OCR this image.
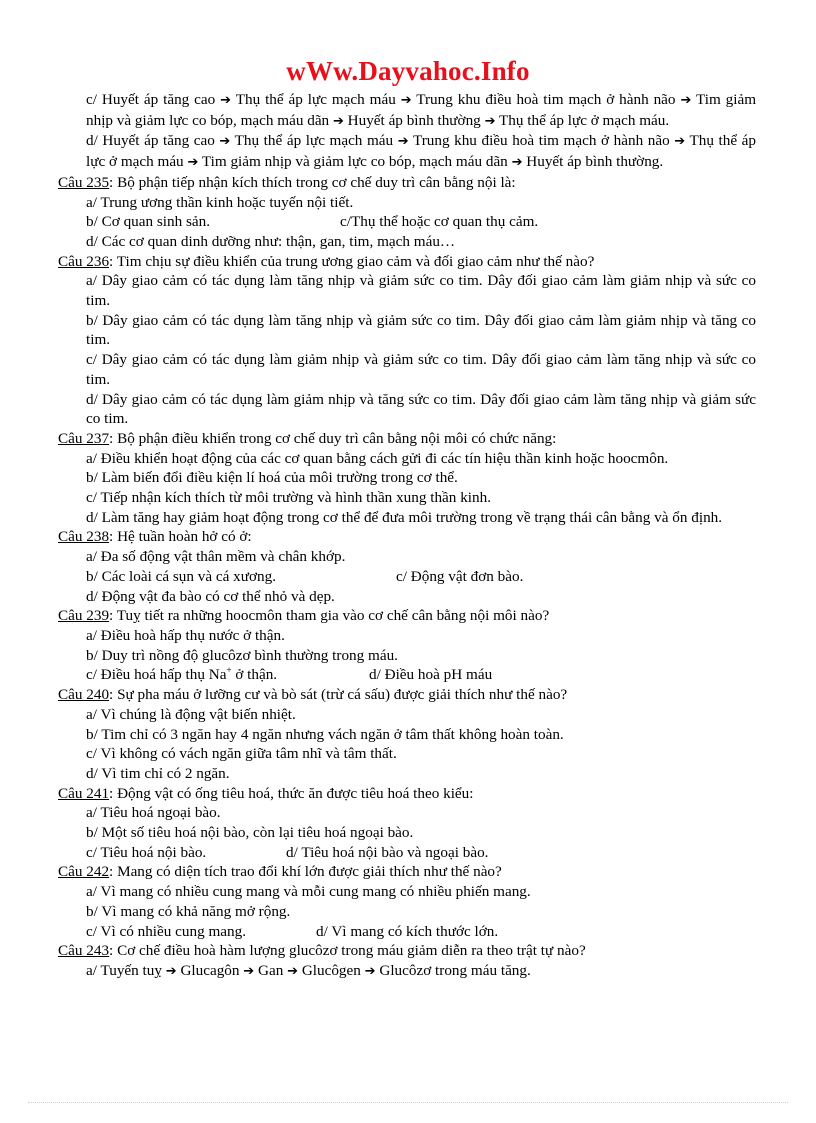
wWw.Dayvahoc.Info
c/ Huyết áp tăng cao ➔ Thụ thể áp lực mạch máu ➔ Trung khu điều hoà tim mạch ở hành não ➔ Tim giảm nhịp và giảm lực co bóp, mạch máu dãn ➔ Huyết áp bình thường ➔ Thụ thể áp lực ở mạch máu.
d/ Huyết áp tăng cao ➔ Thụ thể áp lực mạch máu ➔ Trung khu điều hoà tim mạch ở hành não ➔ Thụ thể áp lực ở mạch máu ➔ Tim giảm nhịp và giảm lực co bóp, mạch máu dãn ➔ Huyết áp bình thường.
Câu 235: Bộ phận tiếp nhận kích thích trong cơ chế duy trì cân bằng nội là:
a/ Trung ương thần kinh hoặc tuyến nội tiết.
b/ Cơ quan sinh sản.	c/Thụ thể hoặc cơ quan thụ cảm.
d/ Các cơ quan dinh dưỡng như: thận, gan, tim, mạch máu…
Câu 236: Tim chịu sự điều khiển của trung ương giao cảm và đối giao cảm như thế nào?
a/ Dây giao cảm có tác dụng làm tăng nhịp và giảm sức co tim. Dây đối giao cảm làm giảm nhịp và sức co tim.
b/ Dây giao cảm có tác dụng làm tăng nhịp và giảm sức co tim. Dây đối giao cảm làm giảm nhịp và tăng co tim.
c/ Dây giao cảm có tác dụng làm giảm nhịp và giảm sức co tim. Dây đối giao cảm làm tăng nhịp và sức co tim.
d/ Dây giao cảm có tác dụng làm giảm nhịp và tăng sức co tim. Dây đối giao cảm làm tăng nhịp và giảm sức co tim.
Câu 237: Bộ phận điều khiển trong cơ chế duy trì cân bằng nội môi có chức năng:
a/ Điều khiển hoạt động của các cơ quan bằng cách gửi đi các tín hiệu thần kinh hoặc hoocmôn.
b/ Làm biến đổi điều kiện lí hoá của môi trường trong cơ thể.
c/ Tiếp nhận kích thích từ môi trường và hình thần xung thần kinh.
d/ Làm tăng hay giảm hoạt động trong cơ thể để đưa môi trường trong về trạng thái cân bằng và ổn định.
Câu 238: Hệ tuần hoàn hở có ở:
a/ Đa số động vật thân mềm và chân khớp.
b/ Các loài cá sụn và cá xương.	c/ Động vật đơn bào.
d/ Động vật đa bào có cơ thể nhỏ và dẹp.
Câu 239: Tuỵ tiết ra những hoocmôn tham gia vào cơ chế cân bằng nội môi nào?
a/ Điều hoà hấp thụ nước ở thận.
b/ Duy trì nồng độ glucôzơ bình thường trong máu.
c/ Điều hoá hấp thụ Na+ ở thận.	d/ Điều hoà pH máu
Câu 240: Sự pha máu ở lưỡng cư và bò sát (trừ cá sấu) được giải thích như thế nào?
a/ Vì chúng là động vật biến nhiệt.
b/ Tim chỉ có 3 ngăn hay 4 ngăn nhưng vách ngăn ở tâm thất không hoàn toàn.
c/ Vì không có vách ngăn giữa tâm nhĩ và tâm thất.
d/ Vì tim chỉ có 2 ngăn.
Câu 241: Động vật có ống tiêu hoá, thức ăn được tiêu hoá theo kiểu:
a/ Tiêu hoá ngoại bào.
b/ Một số tiêu hoá nội bào, còn lại tiêu hoá ngoại bào.
c/ Tiêu hoá nội bào.	d/ Tiêu hoá nội bào và ngoại bào.
Câu 242: Mang có diện tích trao đổi khí lớn được giải thích như thế nào?
a/ Vì mang có nhiều cung mang và mỗi cung mang có nhiều phiến mang.
b/ Vì mang có khả năng mở rộng.
c/ Vì có nhiều cung mang.	d/ Vì mang có kích thước lớn.
Câu 243: Cơ chế điều hoà hàm lượng glucôzơ trong máu giảm diễn ra theo trật tự nào?
a/ Tuyến tuỵ ➔ Glucagôn ➔ Gan ➔ Glucôgen ➔ Glucôzơ trong máu tăng.
